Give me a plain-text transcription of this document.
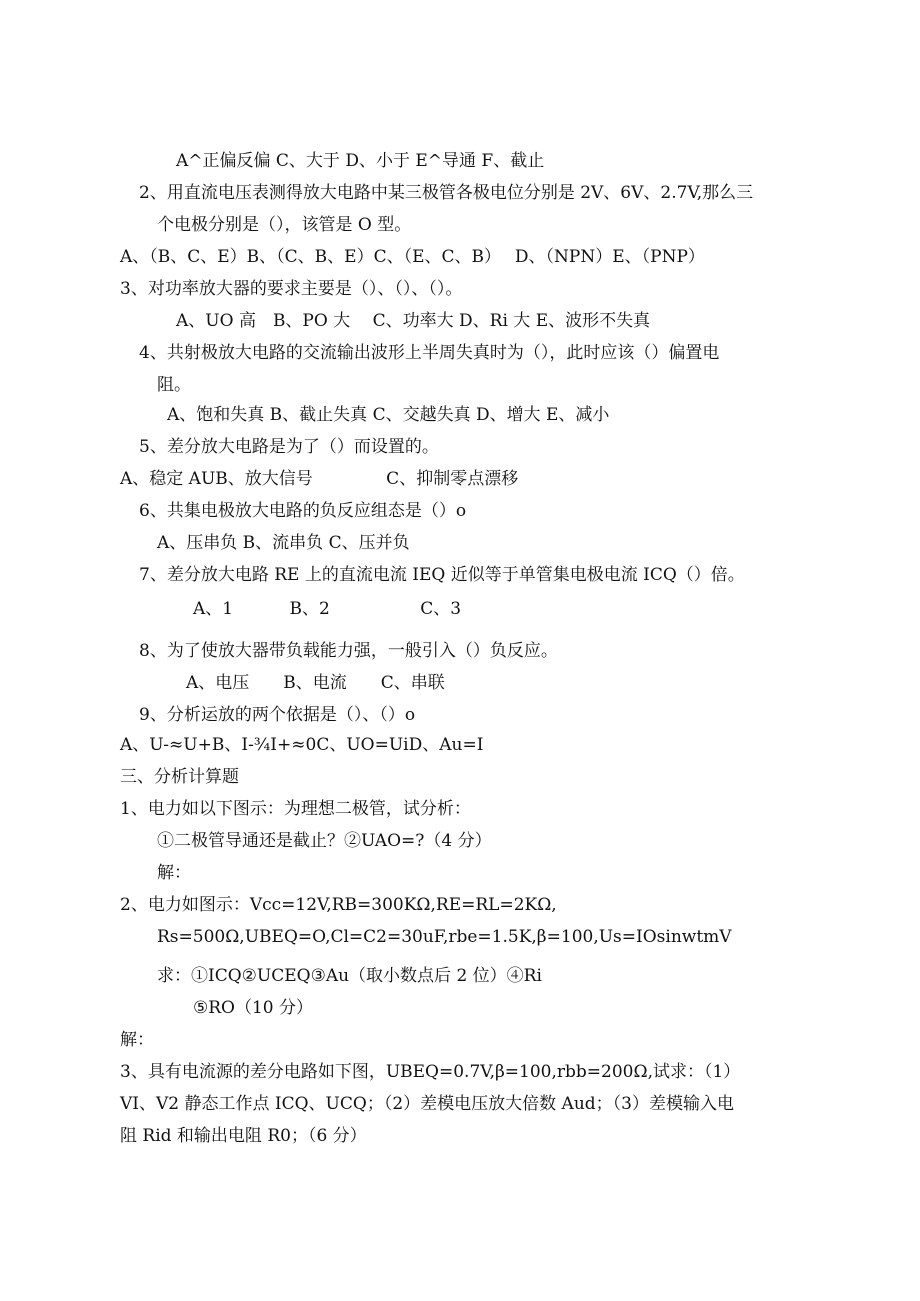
A^正偏反偏 C、大于 D、小于 E^导通 F、截止
2、用直流电压表测得放大电路中某三极管各极电位分别是 2V、6V、2.7V,那么三
个电极分别是（），该管是 O 型。
A、（B、C、E）B、（C、B、E）C、（E、C、B）　 D、（NPN）E、（PNP）
3、对功率放大器的要求主要是（）、（）、（）。
A、UO 高　B、PO 大　 C、功率大 D、Ri 大 E、波形不失真
4、共射极放大电路的交流输出波形上半周失真时为（），此时应该（）偏置电
阻。
A、饱和失真 B、截止失真 C、交越失真 D、增大 E、减小
5、差分放大电路是为了（）而设置的。
A、稳定 AUB、放大信号　　　　 C、抑制零点漂移
6、共集电极放大电路的负反应组态是（）o
A、压串负 B、流串负 C、压并负
7、差分放大电路 RE 上的直流电流 IEQ 近似等于单管集电极电流 ICQ（）倍。
A、1　　　 B、2　　　　　 C、3
8、为了使放大器带负载能力强，一般引入（）负反应。
A、电压　　B、电流　　C、串联
9、分析运放的两个依据是（）、（）o
A、U-≈U+B、I-¾I+≈0C、UO=UiD、Au=I
三、分析计算题
1、电力如以下图示：为理想二极管，试分析：
①二极管导通还是截止？②UAO=?（4 分）
解：
2、电力如图示：Vcc=12V,RB=300KΩ,RE=RL=2KΩ,
Rs=500Ω,UBEQ=O,Cl=C2=30uF,rbe=1.5K,β=100,Us=IOsinwtmV
求：①ICQ②UCEQ③Au（取小数点后 2 位）④Ri
⑤RO（10 分）
解：
3、具有电流源的差分电路如下图，UBEQ=0.7V,β=100,rbb=200Ω,试求：（1）
VI、V2 静态工作点 ICQ、UCQ；（2）差模电压放大倍数 Aud；（3）差模输入电
阻 Rid 和输出电阻 R0；（6 分）
